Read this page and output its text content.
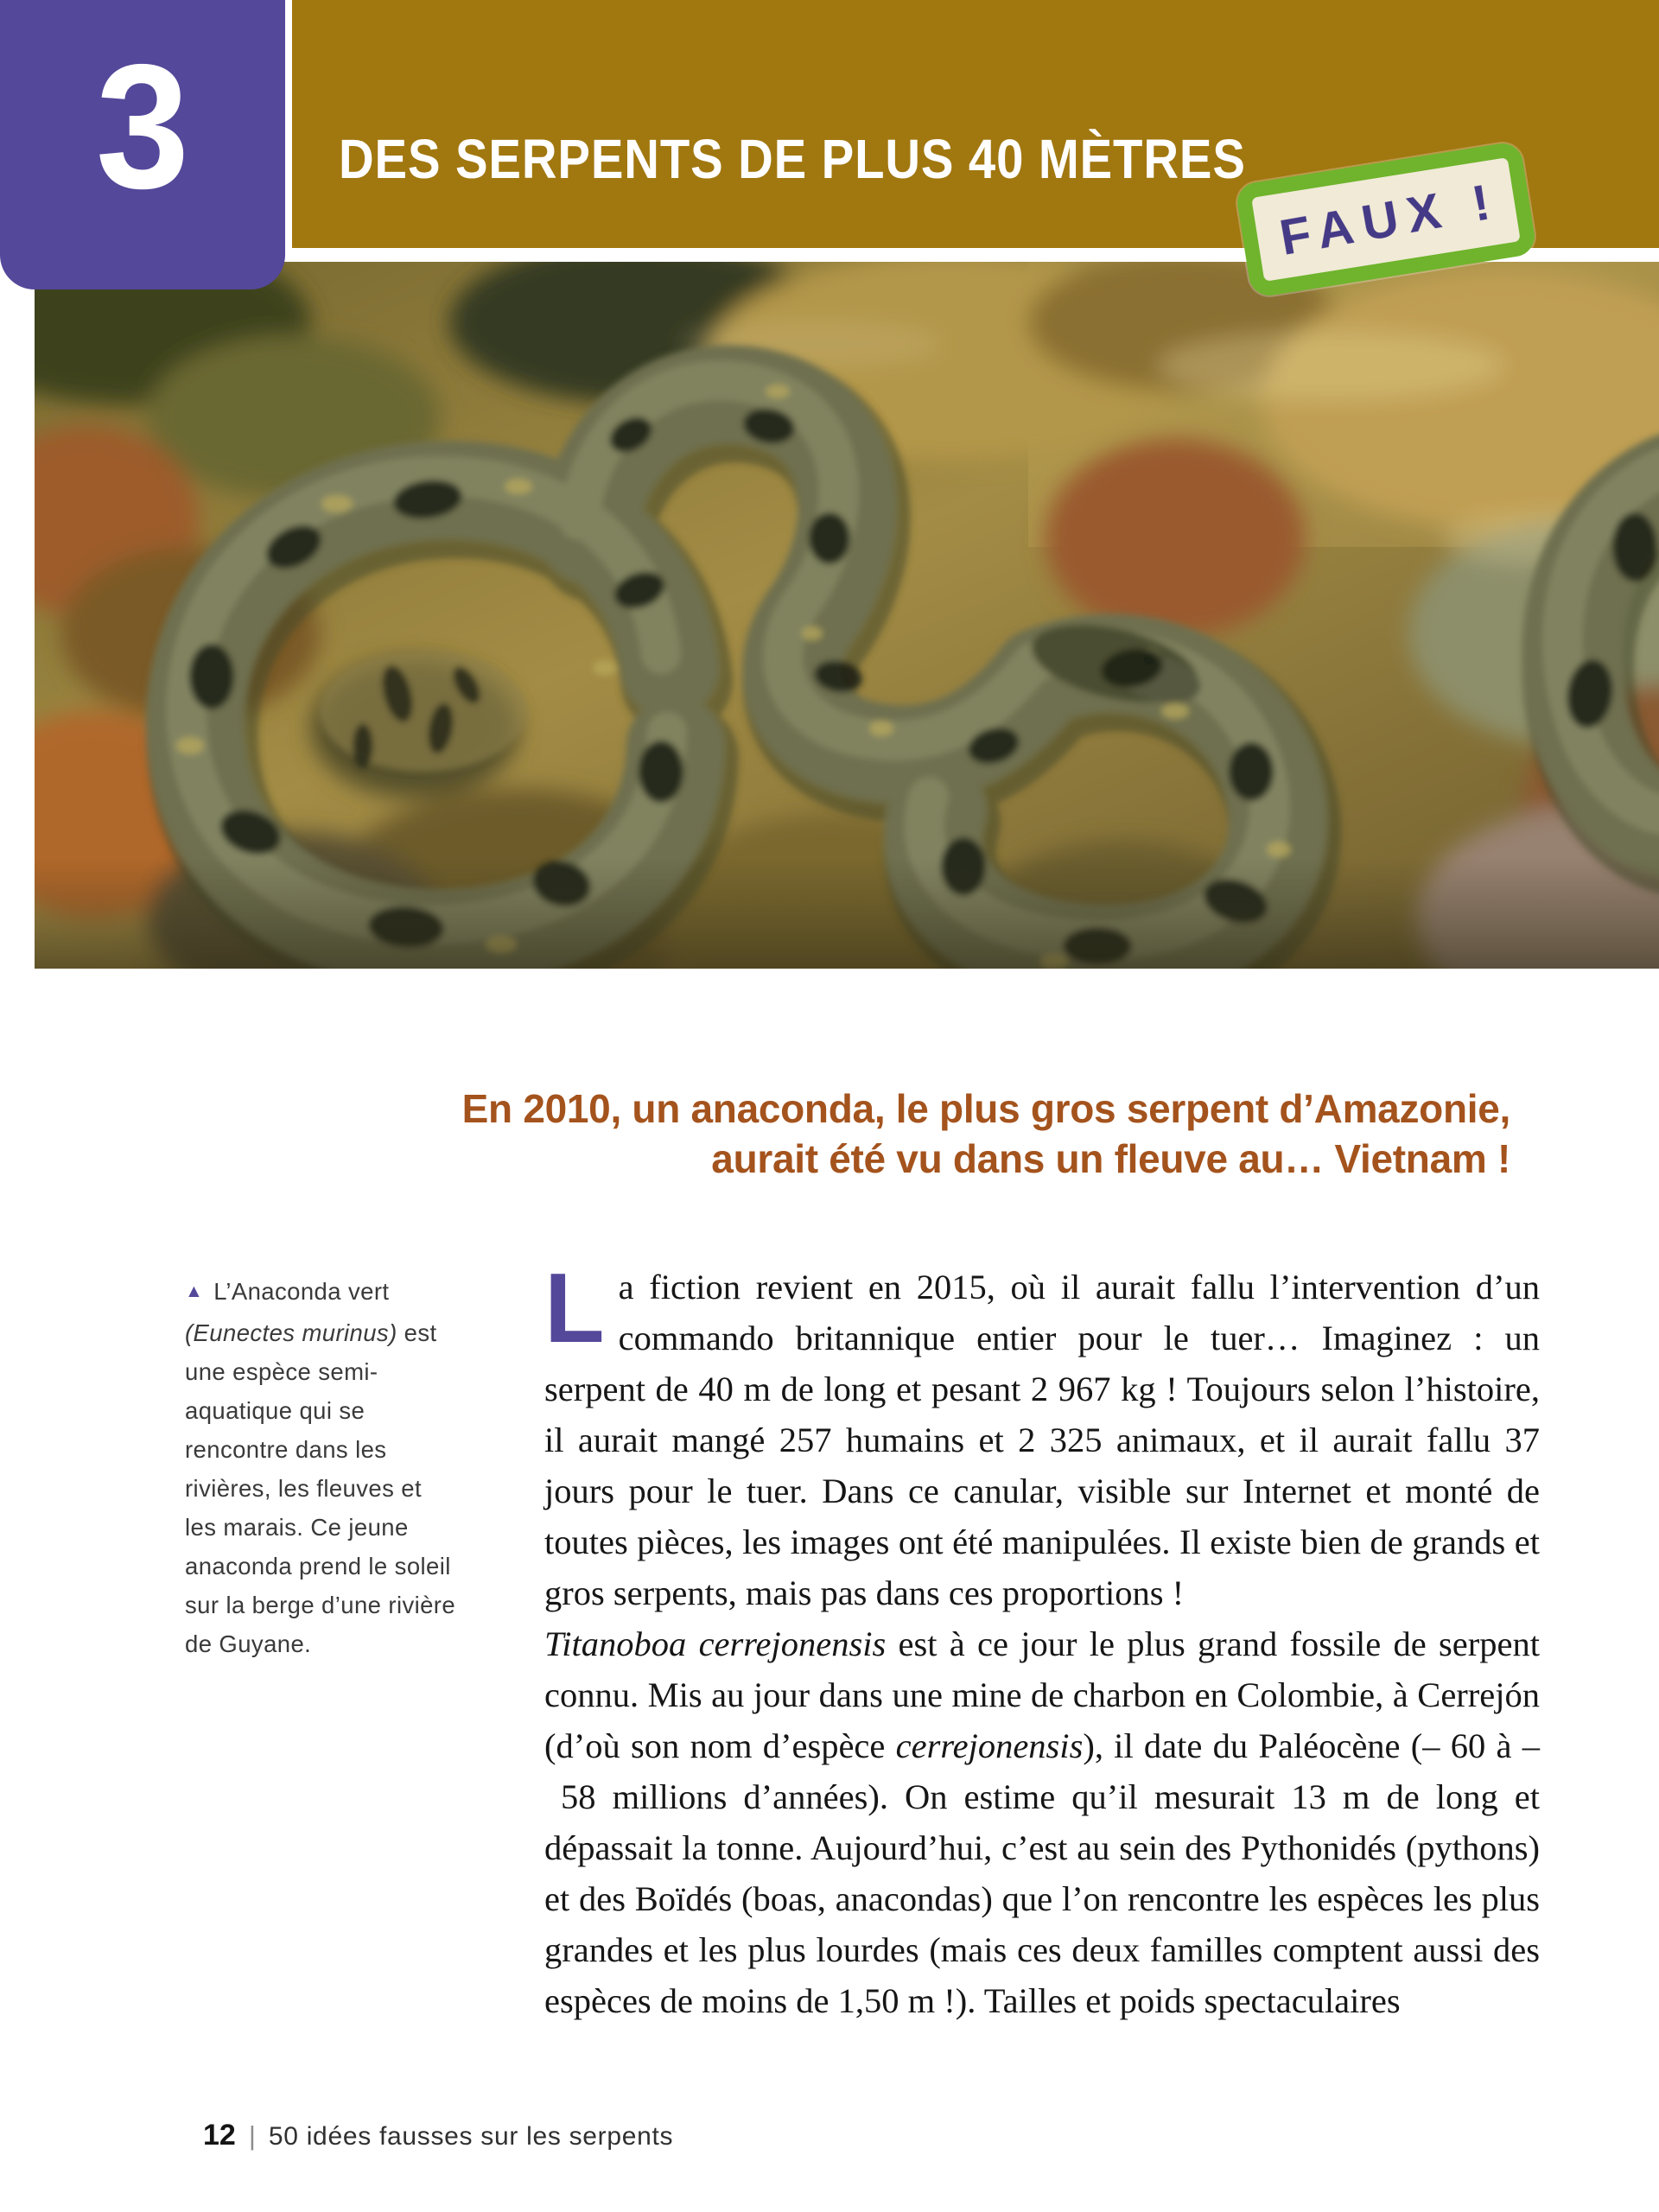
DES SERPENTS DE PLUS 40 MÈTRES
3	FAUX !
En 2010, un anaconda, le plus gros serpent d’Amazonie,
aurait été vu dans un fleuve au… Vietnam !
▲ L’Anaconda vert (Eunectes murinus) est une espèce semi-aquatique qui se rencontre dans les rivières, les fleuves et les marais. Ce jeune anaconda prend le soleil sur la berge d’une rivière de Guyane.

La fiction revient en 2015, où il aurait fallu l’intervention d’un commando britannique entier pour le tuer… Imaginez : un serpent de 40 m de long et pesant 2 967 kg ! Toujours selon l’histoire, il aurait mangé 257 humains et 2 325 animaux, et il aurait fallu 37 jours pour le tuer. Dans ce canular, visible sur Internet et monté de toutes pièces, les images ont été manipulées. Il existe bien de grands et gros serpents, mais pas dans ces proportions !

Titanoboa cerrejonensis est à ce jour le plus grand fossile de serpent connu. Mis au jour dans une mine de charbon en Colombie, à Cerrejón (d’où son nom d’espèce cerrejonensis), il date du Paléocène (– 60 à – 58 millions d’années). On estime qu’il mesurait 13 m de long et dépassait la tonne. Aujourd’hui, c’est au sein des Pythonidés (pythons) et des Boïdés (boas, anacondas) que l’on rencontre les espèces les plus grandes et les plus lourdes (mais ces deux familles comptent aussi des espèces de moins de 1,50 m !). Tailles et poids spectaculaires

12 | 50 idées fausses sur les serpents
